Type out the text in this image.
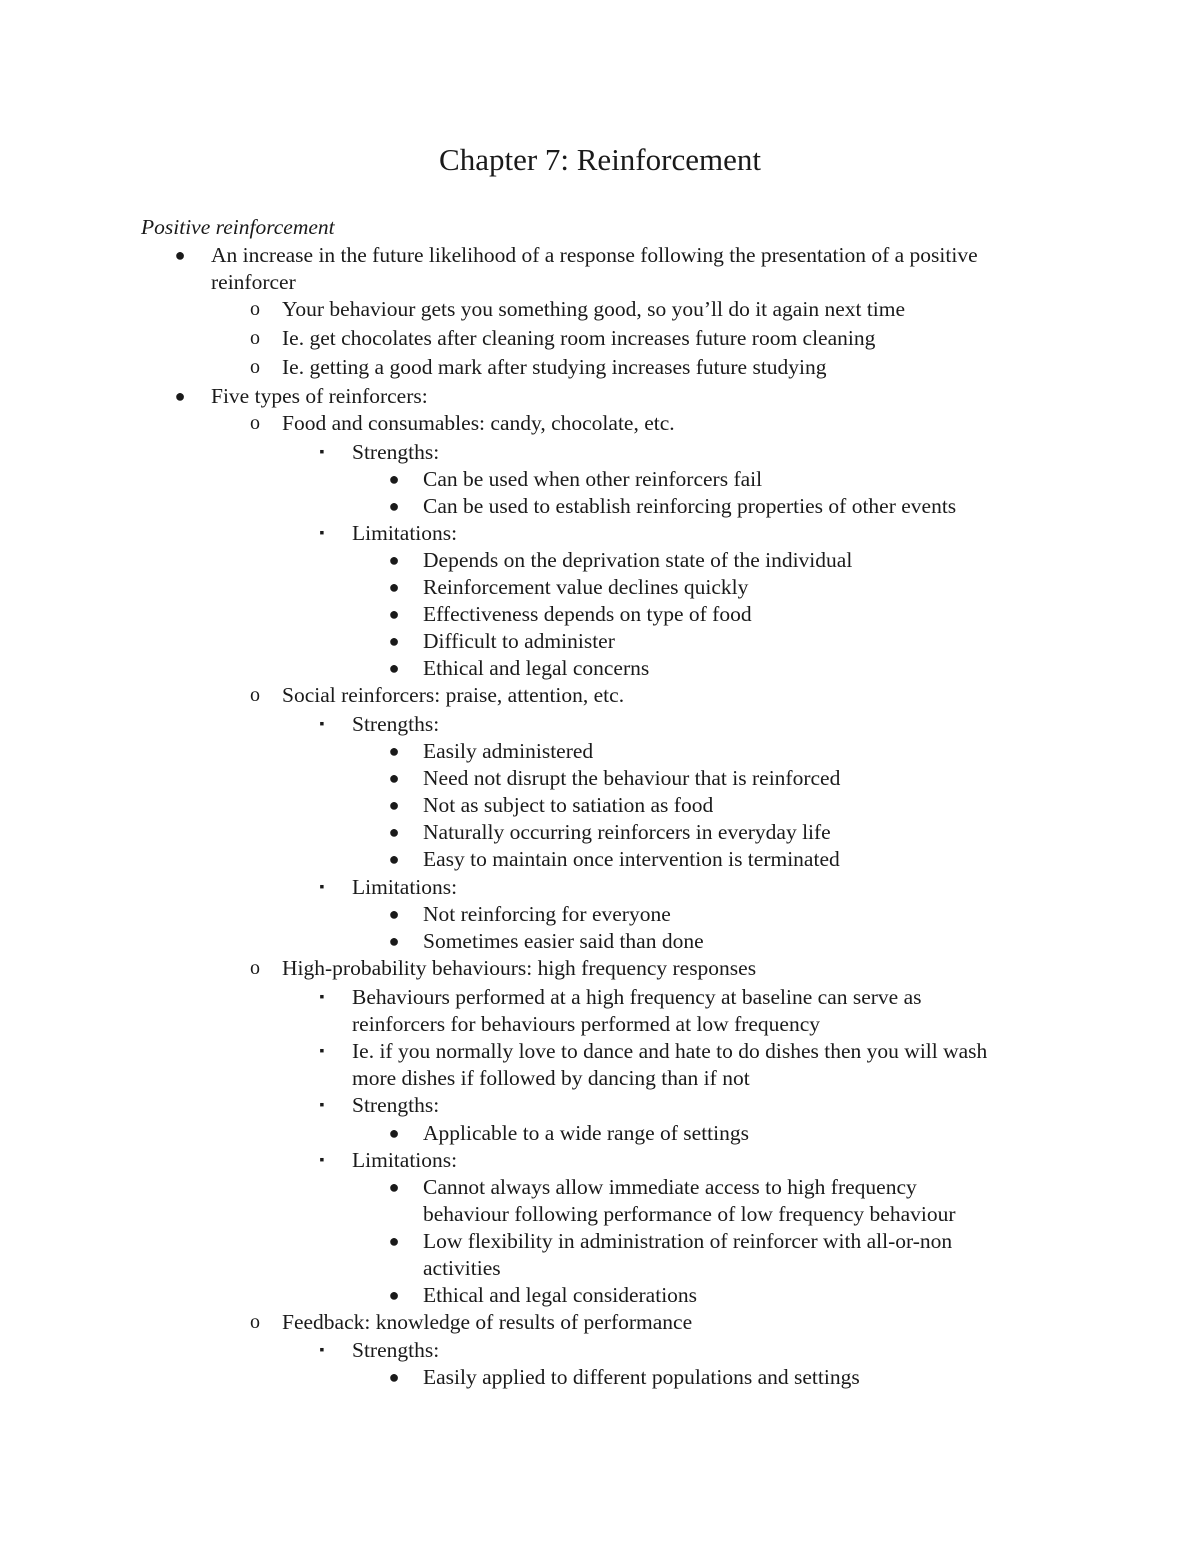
Chapter 7: Reinforcement
Positive reinforcement
● An increase in the future likelihood of a response following the presentation of a positive
reinforcer
o Your behaviour gets you something good, so you’ll do it again next time
o Ie. get chocolates after cleaning room increases future room cleaning
o Ie. getting a good mark after studying increases future studying
● Five types of reinforcers:
o Food and consumables: candy, chocolate, etc.
▪	Strengths:
● Can be used when other reinforcers fail
● Can be used to establish reinforcing properties of other events
▪	Limitations:
● Depends on the deprivation state of the individual
● Reinforcement value declines quickly
● Effectiveness depends on type of food
● Difficult to administer
● Ethical and legal concerns
o Social reinforcers: praise, attention, etc.
▪	Strengths:
● Easily administered
● Need not disrupt the behaviour that is reinforced
● Not as subject to satiation as food
● Naturally occurring reinforcers in everyday life
● Easy to maintain once intervention is terminated
▪	Limitations:
● Not reinforcing for everyone
● Sometimes easier said than done
o High-probability behaviours: high frequency responses
▪	Behaviours performed at a high frequency at baseline can serve as
reinforcers for behaviours performed at low frequency
▪	Ie. if you normally love to dance and hate to do dishes then you will wash
more dishes if followed by dancing than if not
▪	Strengths:
● Applicable to a wide range of settings
▪	Limitations:
● Cannot always allow immediate access to high frequency
behaviour following performance of low frequency behaviour
● Low flexibility in administration of reinforcer with all-or-non
activities
● Ethical and legal considerations
o Feedback: knowledge of results of performance
▪	Strengths:
● Easily applied to different populations and settings
